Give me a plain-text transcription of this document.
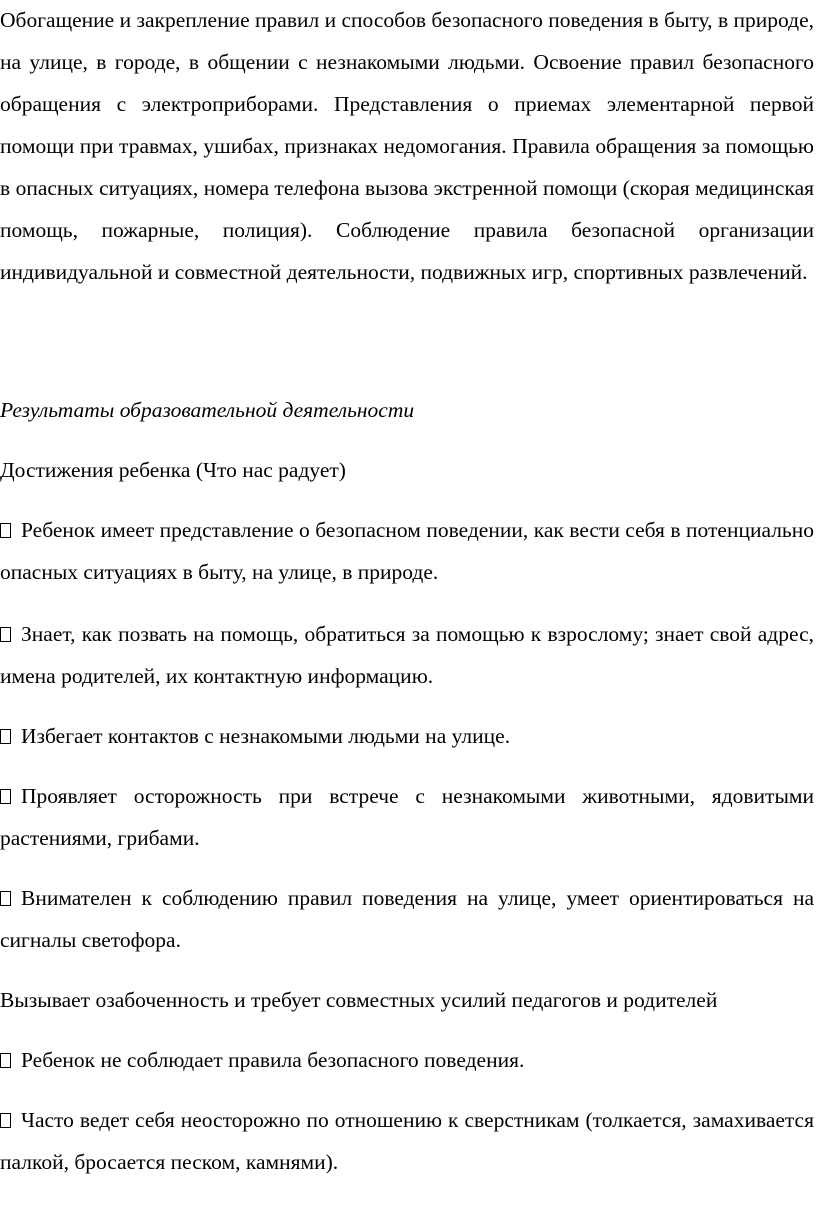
Обогащение и закрепление правил и способов безопасного поведения в быту, в природе, на улице, в городе, в общении с незнакомыми людьми. Освоение правил безопасного обращения с электроприборами. Представления о приемах элементарной первой помощи при травмах, ушибах, признаках недомогания. Правила обращения за помощью в опасных ситуациях, номера телефона вызова экстренной помощи (скорая медицинская помощь, пожарные, полиция). Соблюдение правила безопасной организации индивидуальной и совместной деятельности, подвижных игр, спортивных развлечений.

Результаты образовательной деятельности

Достижения ребенка (Что нас радует)

Ребенок имеет представление о безопасном поведении, как вести себя в потенциально опасных ситуациях в быту, на улице, в природе.

Знает, как позвать на помощь, обратиться за помощью к взрослому; знает свой адрес, имена родителей, их контактную информацию.

Избегает контактов с незнакомыми людьми на улице.

Проявляет осторожность при встрече с незнакомыми животными, ядовитыми растениями, грибами.

Внимателен к соблюдению правил поведения на улице, умеет ориентироваться на сигналы светофора.

Вызывает озабоченность и требует совместных усилий педагогов и родителей

Ребенок не соблюдает правила безопасного поведения.

Часто ведет себя неосторожно по отношению к сверстникам (толкается, замахивается палкой, бросается песком, камнями).
